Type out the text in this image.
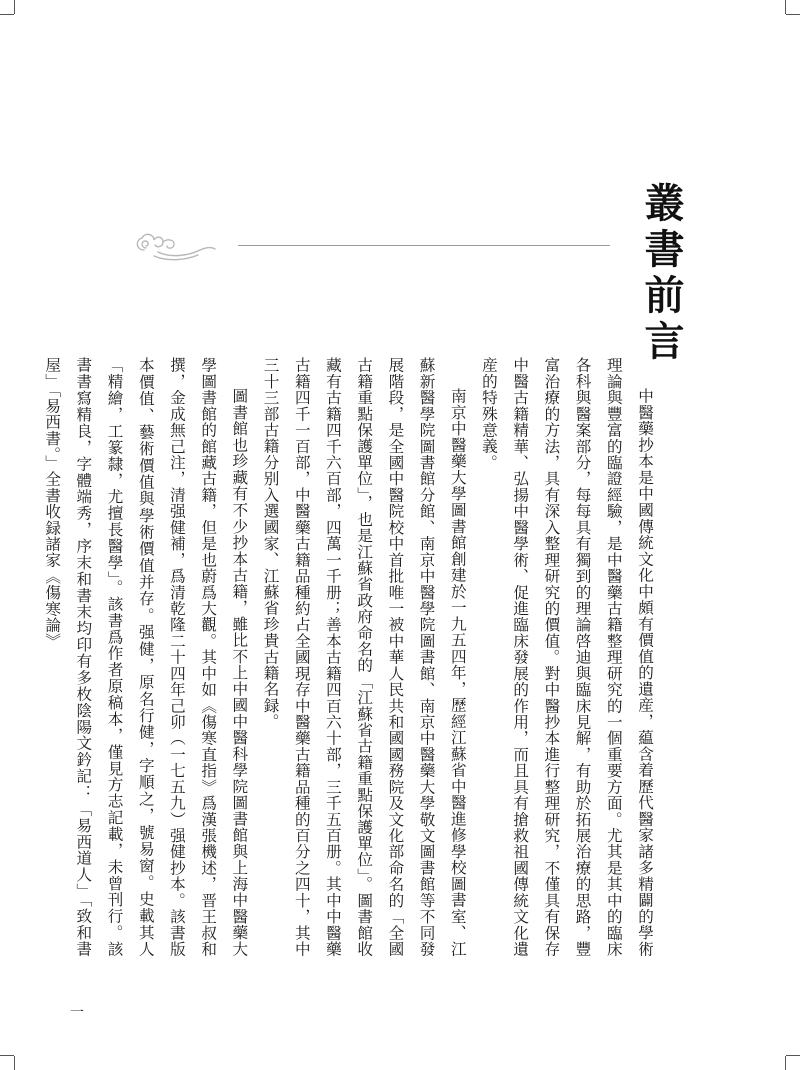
叢書前言

中醫藥抄本是中國傳統文化中頗有價值的遺産，藴含着歷代醫家諸多精闢的學術理論與豐富的臨證經驗，是中醫藥古籍整理研究的一個重要方面。尤其是其中的臨床各科與醫案部分，每每具有獨到的理論啓迪與臨床見解，有助於拓展治療的思路，豐富治療的方法，具有深入整理研究的價值。對中醫抄本進行整理研究，不僅具有保存中醫古籍精華、弘揚中醫學術、促進臨床發展的作用，而且具有搶救祖國傳統文化遺産的特殊意義。

南京中醫藥大學圖書館創建於一九五四年，歷經江蘇省中醫進修學校圖書室、江蘇新醫學院圖書館分館、南京中醫學院圖書館、南京中醫藥大學敬文圖書館等不同發展階段，是全國中醫院校中首批唯一被中華人民共和國國務院及文化部命名的「全國古籍重點保護單位」，也是江蘇省政府命名的「江蘇省古籍重點保護單位」。圖書館收藏有古籍四千六百部，四萬一千册；善本古籍四百六十部，三千五百册。其中中醫藥古籍四千一百部，中醫藥古籍品種約占全國現存中醫藥古籍品種的百分之四十，其中三十三部古籍分别入選國家、江蘇省珍貴古籍名録。

圖書館也珍藏有不少抄本古籍，雖比不上中國中醫科學院圖書館與上海中醫藥大學圖書館的館藏古籍，但是也蔚爲大觀。其中如《傷寒直指》爲漢張機述，晋王叔和撰，金成無己注，清强健補，爲清乾隆二十四年己卯（一七五九）强健抄本。該書版本價值、藝術價值與學術價值并存。强健，原名行健，字順之，號易窗。史載其人「精繪，工篆隸，尤擅長醫學」。該書爲作者原稿本，僅見方志記載，未曾刊行。該書書寫精良，字體端秀，序末和書末均印有多枚陰陽文鈐記：「易西道人」「致和書屋」「易西書。」全書收録諸家《傷寒論》

一
